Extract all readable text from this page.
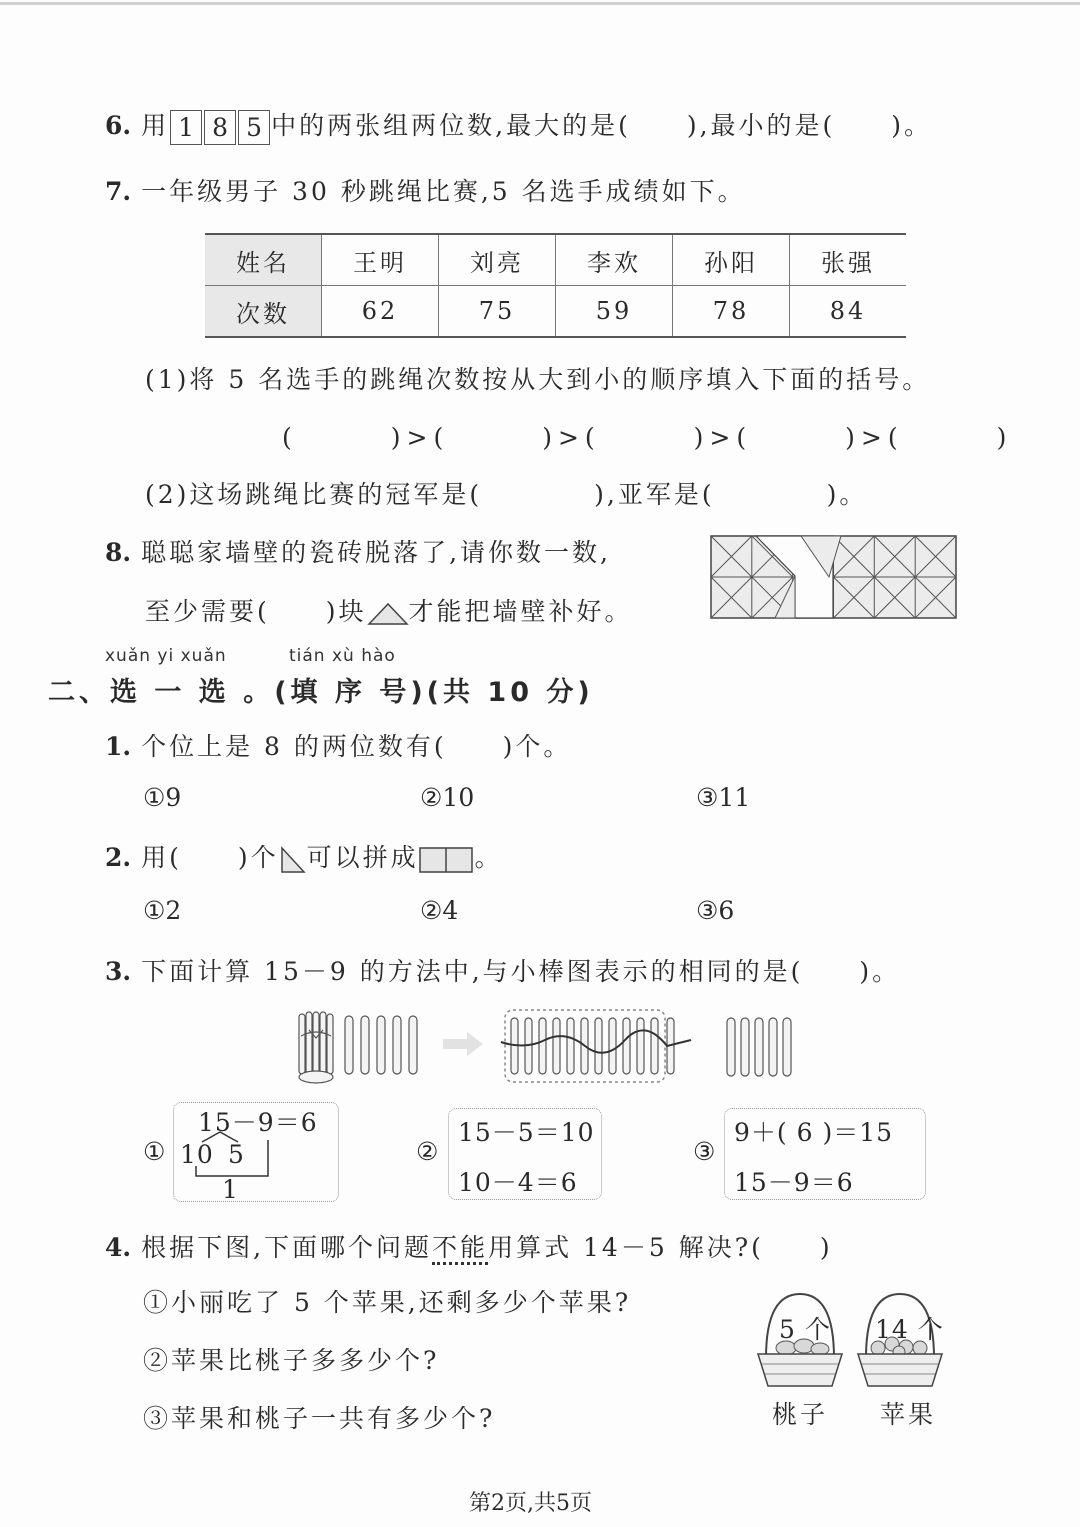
6. 用 1 8 5 中的两张组两位数,最大的是(　　),最小的是(　　)。
7. 一年级男子 30 秒跳绳比赛,5 名选手成绩如下。
姓名	王明	刘亮	李欢	孙阳	张强
次数	62	75	59	78	84
(1)将 5 名选手的跳绳次数按从大到小的顺序填入下面的括号。
(　　　)>(　　　)>(　　　)>(　　　)>(　　　)
(2)这场跳绳比赛的冠军是(　　　　),亚军是(　　　　)。
8. 聪聪家墙壁的瓷砖脱落了,请你数一数,
至少需要(　　)块 才能把墙壁补好。
xuǎn yi xuǎn	tián xù hào
二、选 一 选 。(填 序 号)(共 10 分)
1. 个位上是 8 的两位数有(　　)个。
①9	②10	③11
2. 用(　　)个 可以拼成 。
①2	②4	③6
3. 下面计算 15－9 的方法中,与小棒图表示的相同的是(　　)。
①
15－9＝6
10 5
1
②
15－5＝10
10－4＝6
③
9＋( 6 )＝15
15－9＝6
4. 根据下图,下面哪个问题不能用算式 14－5 解决?(　　)
①小丽吃了 5 个苹果,还剩多少个苹果?
②苹果比桃子多多少个?
③苹果和桃子一共有多少个?
5 个 14 个
桃子 苹果
第2页,共5页
